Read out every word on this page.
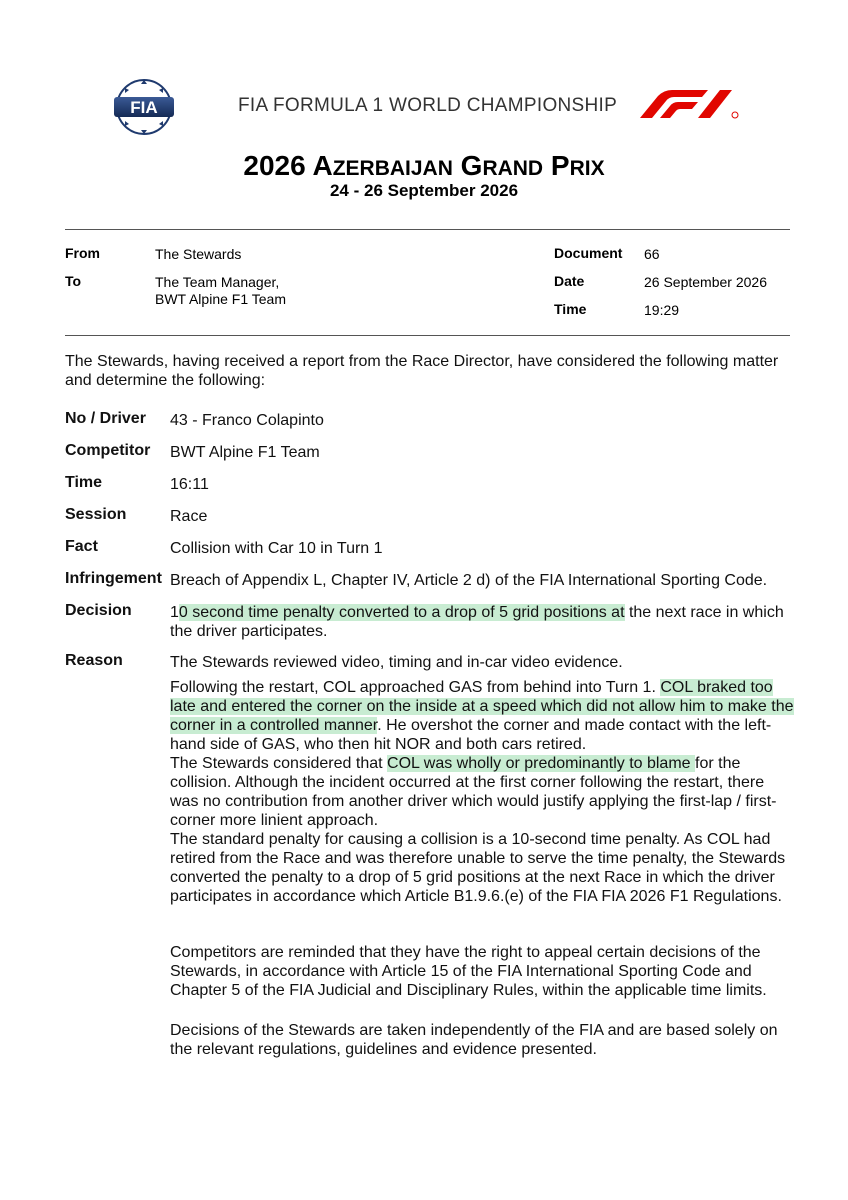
FIA	FIA FORMULA 1 WORLD CHAMPIONSHIP
2026 AZERBAIJAN GRAND PRIX
24 - 26 September 2026
From	The Stewards
To	The Team Manager,
BWT Alpine F1 Team
Document 66
Date	26 September 2026
Time	19:29
The Stewards, having received a report from the Race Director, have considered the following matter and determine the following:
No / Driver 43 - Franco Colapinto
Competitor BWT Alpine F1 Team
Time	16:11
Session	Race
Fact	Collision with Car 10 in Turn 1
Infringement Breach of Appendix L, Chapter IV, Article 2 d) of the FIA International Sporting Code.
Decision 10 second time penalty converted to a drop of 5 grid positions at the next race in which the driver participates.
Reason	The Stewards reviewed video, timing and in-car video evidence.
Following the restart, COL approached GAS from behind into Turn 1. COL braked too late and entered the corner on the inside at a speed which did not allow him to make the corner in a controlled manner. He overshot the corner and made contact with the left-hand side of GAS, who then hit NOR and both cars retired.
The Stewards considered that COL was wholly or predominantly to blame for the collision. Although the incident occurred at the first corner following the restart, there was no contribution from another driver which would justify applying the first-lap / first-corner more linient approach.
The standard penalty for causing a collision is a 10-second time penalty. As COL had retired from the Race and was therefore unable to serve the time penalty, the Stewards converted the penalty to a drop of 5 grid positions at the next Race in which the driver participates in accordance which Article B1.9.6.(e) of the FIA FIA 2026 F1 Regulations.
Competitors are reminded that they have the right to appeal certain decisions of the Stewards, in accordance with Article 15 of the FIA International Sporting Code and Chapter 5 of the FIA Judicial and Disciplinary Rules, within the applicable time limits.
Decisions of the Stewards are taken independently of the FIA and are based solely on the relevant regulations, guidelines and evidence presented.
